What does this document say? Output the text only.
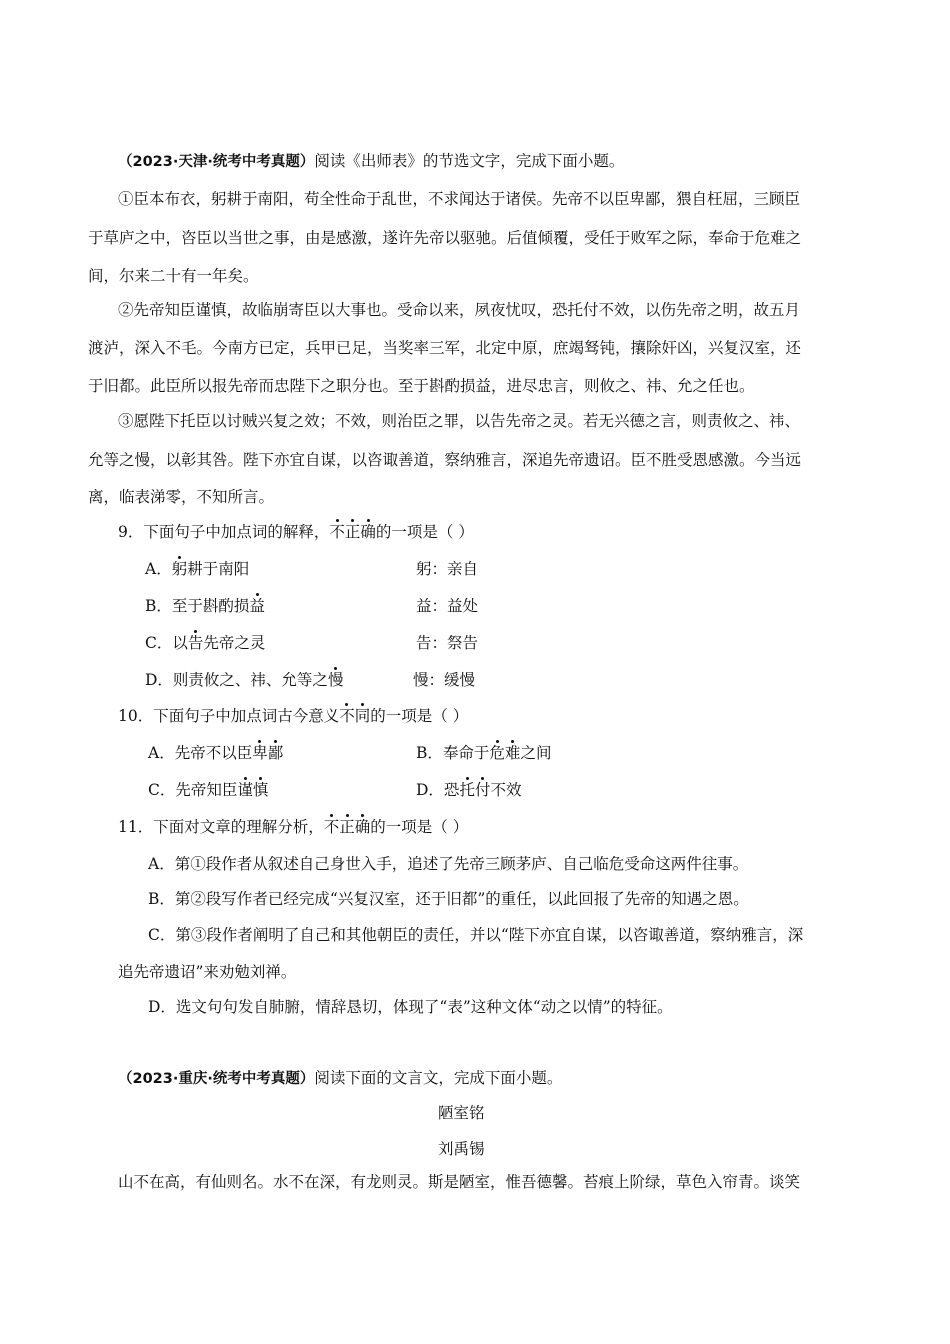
（2023·天津·统考中考真题）阅读《出师表》的节选文字，完成下面小题。
①臣本布衣，躬耕于南阳，苟全性命于乱世，不求闻达于诸侯。先帝不以臣卑鄙，猥自枉屈，三顾臣
于草庐之中，咨臣以当世之事，由是感激，遂许先帝以驱驰。后值倾覆，受任于败军之际，奉命于危难之
间，尔来二十有一年矣。
②先帝知臣谨慎，故临崩寄臣以大事也。受命以来，夙夜忧叹，恐托付不效，以伤先帝之明，故五月
渡泸，深入不毛。今南方已定，兵甲已足，当奖率三军，北定中原，庶竭驽钝，攘除奸凶，兴复汉室，还
于旧都。此臣所以报先帝而忠陛下之职分也。至于斟酌损益，进尽忠言，则攸之、祎、允之任也。
③愿陛下托臣以讨贼兴复之效；不效，则治臣之罪，以告先帝之灵。若无兴德之言，则责攸之、祎、
允等之慢，以彰其咎。陛下亦宜自谋，以咨诹善道，察纳雅言，深追先帝遗诏。臣不胜受恩感激。今当远
离，临表涕零，不知所言。
9．下面句子中加点词的解释，不正确的一项是（ ）
A．躬耕于南阳	躬：亲自
B．至于斟酌损益	益：益处
C．以告先帝之灵	告：祭告
D．则责攸之、祎、允等之慢	慢：缓慢
10．下面句子中加点词古今意义不同的一项是（ ）
A．先帝不以臣卑鄙	B．奉命于危难之间
C．先帝知臣谨慎	D．恐托付不效
11．下面对文章的理解分析，不正确的一项是（ ）
A．第①段作者从叙述自己身世入手，追述了先帝三顾茅庐、自己临危受命这两件往事。
B．第②段写作者已经完成“兴复汉室，还于旧都”的重任，以此回报了先帝的知遇之恩。
C．第③段作者阐明了自己和其他朝臣的责任，并以“陛下亦宜自谋，以咨诹善道，察纳雅言，深
追先帝遗诏”来劝勉刘禅。
D．选文句句发自肺腑，情辞恳切，体现了“表”这种文体“动之以情”的特征。
（2023·重庆·统考中考真题）阅读下面的文言文，完成下面小题。
陋室铭
刘禹锡
山不在高，有仙则名。水不在深，有龙则灵。斯是陋室，惟吾德馨。苔痕上阶绿，草色入帘青。谈笑
